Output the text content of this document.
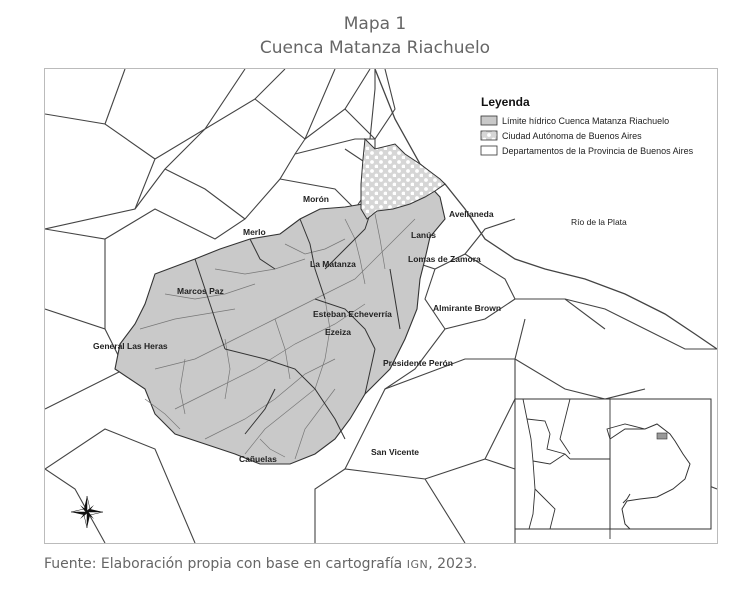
Mapa 1
Cuenca Matanza Riachuelo
Morón
Merlo
La Matanza
Marcos Paz
General Las Heras
Esteban Echeverría
Ezeiza
Presidente Perón
Cañuelas
San Vicente
Lanús
Lomas de Zamora
Almirante Brown
Avellaneda
Río de la Plata
Leyenda
Límite hídrico Cuenca Matanza Riachuelo
Ciudad Autónoma de Buenos Aires
Departamentos de la Provincia de Buenos Aires
Fuente: Elaboración propia con base en cartografía IGN, 2023.
